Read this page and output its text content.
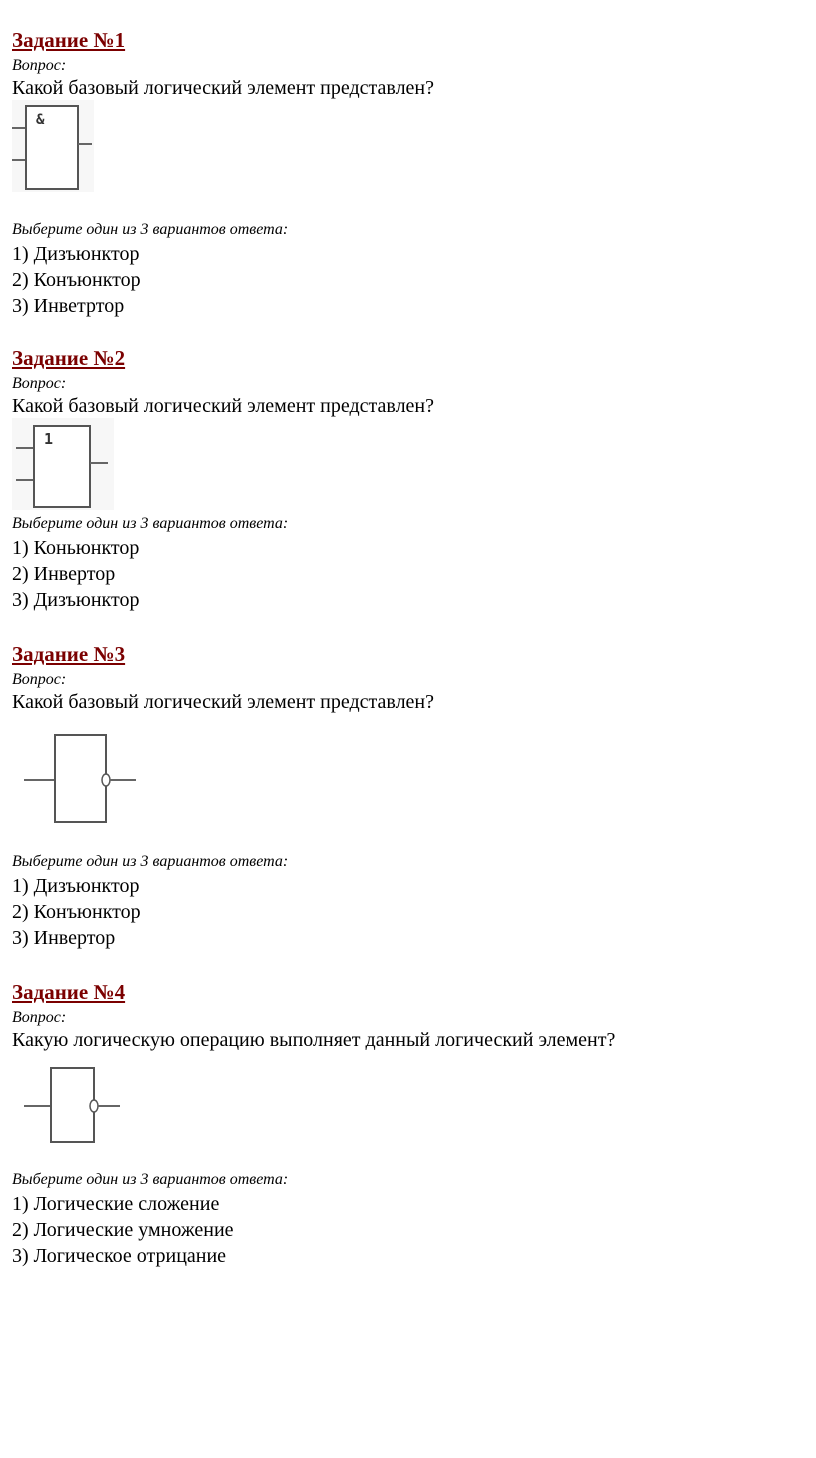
Задание №1
Вопрос:
Какой базовый логический элемент представлен?
&
Выберите один из 3 вариантов ответа:
1) Дизъюнктор
2) Конъюнктор
3) Инветртор
Задание №2
Вопрос:
Какой базовый логический элемент представлен?
1
Выберите один из 3 вариантов ответа:
1) Коньюнктор
2) Инвертор
3) Дизъюнктор
Задание №3
Вопрос:
Какой базовый логический элемент представлен?
Выберите один из 3 вариантов ответа:
1) Дизъюнктор
2) Конъюнктор
3) Инвертор
Задание №4
Вопрос:
Какую логическую операцию выполняет данный логический элемент?
Выберите один из 3 вариантов ответа:
1) Логические сложение
2) Логические умножение
3) Логическое отрицание
